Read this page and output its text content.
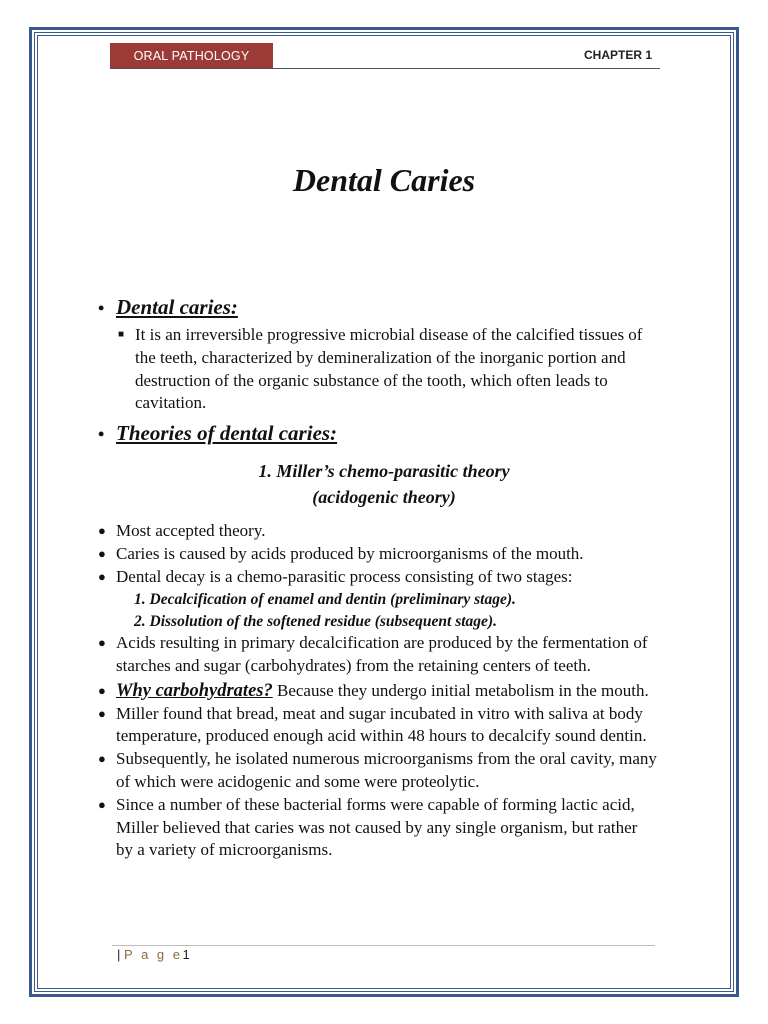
ORAL PATHOLOGY	CHAPTER 1
Dental Caries
• Dental caries:
■ It is an irreversible progressive microbial disease of the calcified tissues of the teeth, characterized by demineralization of the inorganic portion and destruction of the organic substance of the tooth, which often leads to cavitation.
• Theories of dental caries:
1. Miller’s chemo-parasitic theory
(acidogenic theory)
● Most accepted theory.
● Caries is caused by acids produced by microorganisms of the mouth.
● Dental decay is a chemo-parasitic process consisting of two stages:
1. Decalcification of enamel and dentin (preliminary stage).
2. Dissolution of the softened residue (subsequent stage).
● Acids resulting in primary decalcification are produced by the fermentation of starches and sugar (carbohydrates) from the retaining centers of teeth.
● Why carbohydrates? Because they undergo initial metabolism in the mouth.
● Miller found that bread, meat and sugar incubated in vitro with saliva at body temperature, produced enough acid within 48 hours to decalcify sound dentin.
● Subsequently, he isolated numerous microorganisms from the oral cavity, many of which were acidogenic and some were proteolytic.
● Since a number of these bacterial forms were capable of forming lactic acid, Miller believed that caries was not caused by any single organism, but rather by a variety of microorganisms.
| P a g e1
